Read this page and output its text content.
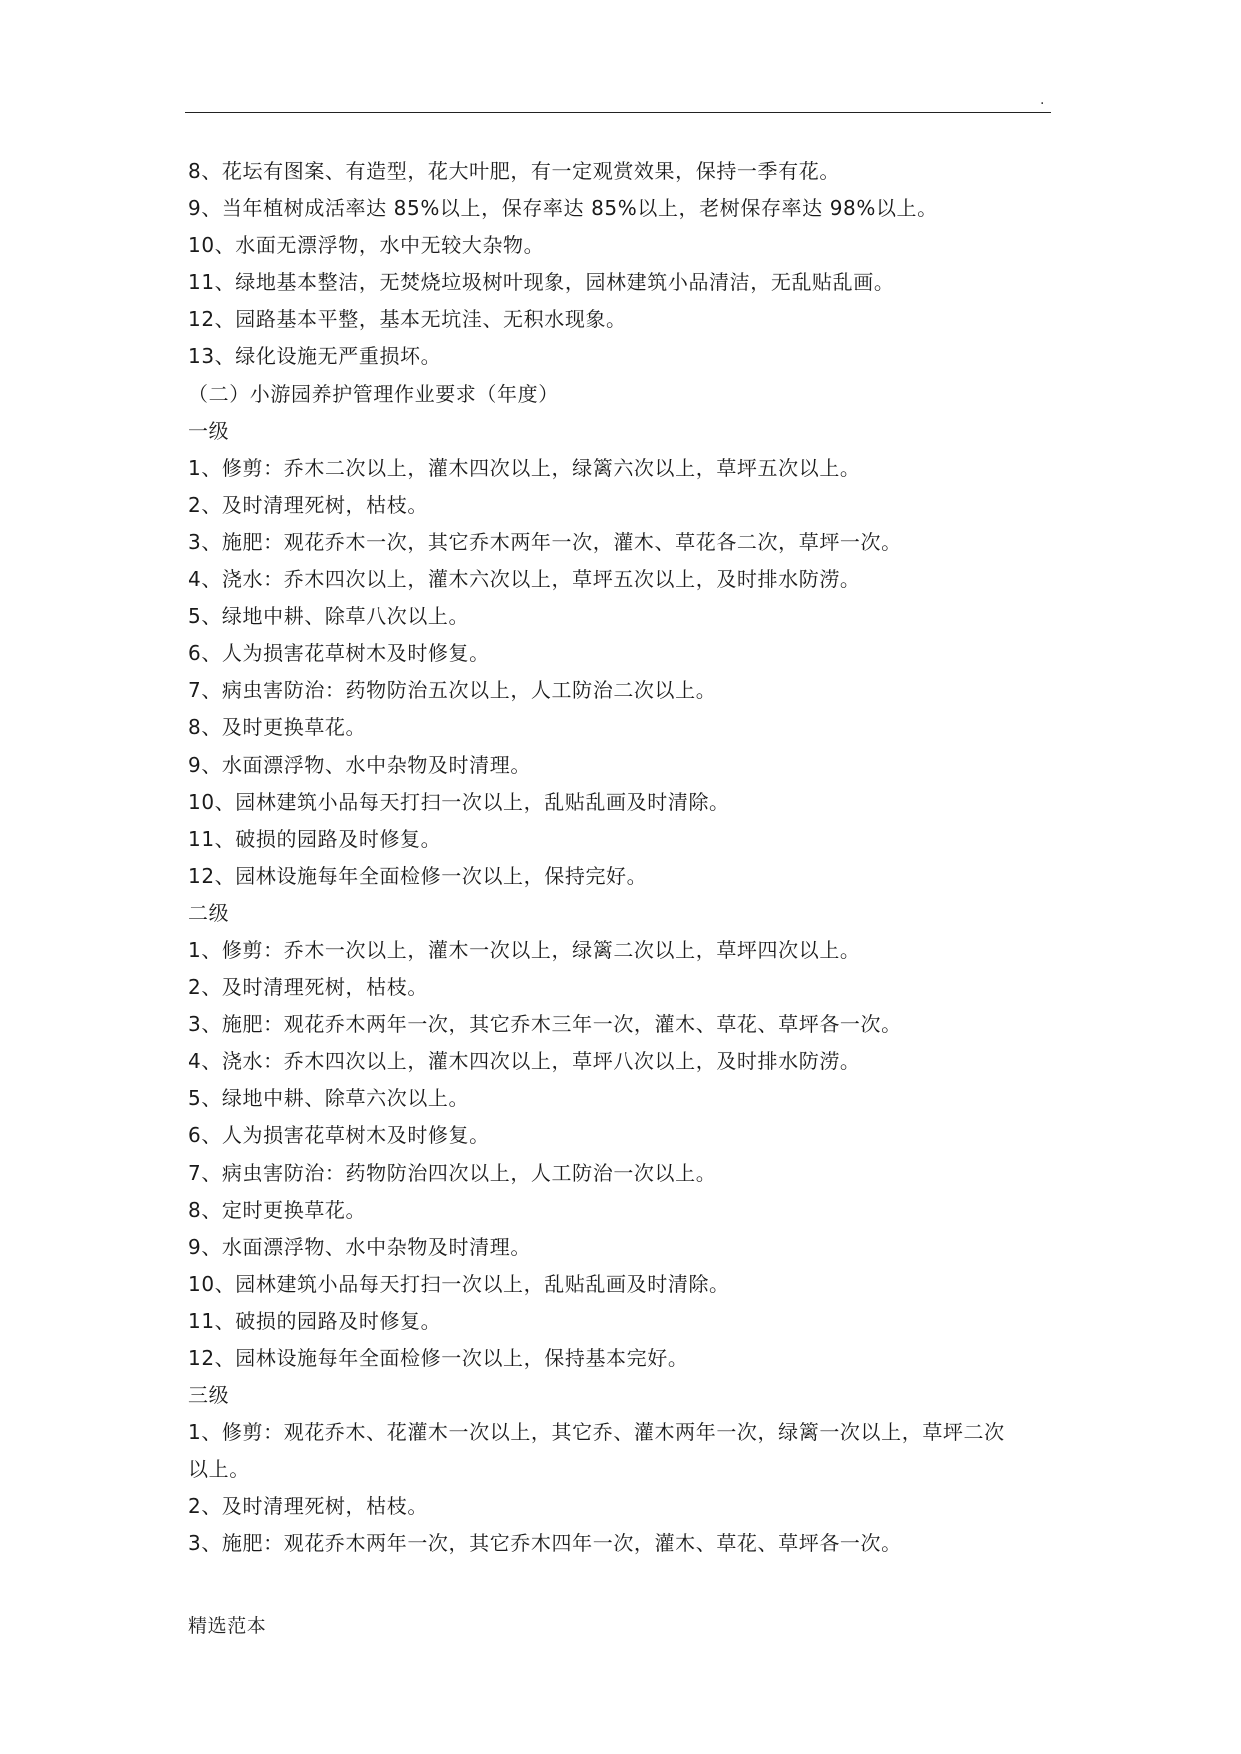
.
8、花坛有图案、有造型，花大叶肥，有一定观赏效果，保持一季有花。
9、当年植树成活率达 85%以上，保存率达 85%以上，老树保存率达 98%以上。
10、水面无漂浮物，水中无较大杂物。
11、绿地基本整洁，无焚烧垃圾树叶现象，园林建筑小品清洁，无乱贴乱画。
12、园路基本平整，基本无坑洼、无积水现象。
13、绿化设施无严重损坏。
（二）小游园养护管理作业要求（年度）
一级
1、修剪：乔木二次以上，灌木四次以上，绿篱六次以上，草坪五次以上。
2、及时清理死树，枯枝。
3、施肥：观花乔木一次，其它乔木两年一次，灌木、草花各二次，草坪一次。
4、浇水：乔木四次以上，灌木六次以上，草坪五次以上，及时排水防涝。
5、绿地中耕、除草八次以上。
6、人为损害花草树木及时修复。
7、病虫害防治：药物防治五次以上，人工防治二次以上。
8、及时更换草花。
9、水面漂浮物、水中杂物及时清理。
10、园林建筑小品每天打扫一次以上，乱贴乱画及时清除。
11、破损的园路及时修复。
12、园林设施每年全面检修一次以上，保持完好。
二级
1、修剪：乔木一次以上，灌木一次以上，绿篱二次以上，草坪四次以上。
2、及时清理死树，枯枝。
3、施肥：观花乔木两年一次，其它乔木三年一次，灌木、草花、草坪各一次。
4、浇水：乔木四次以上，灌木四次以上，草坪八次以上，及时排水防涝。
5、绿地中耕、除草六次以上。
6、人为损害花草树木及时修复。
7、病虫害防治：药物防治四次以上，人工防治一次以上。
8、定时更换草花。
9、水面漂浮物、水中杂物及时清理。
10、园林建筑小品每天打扫一次以上，乱贴乱画及时清除。
11、破损的园路及时修复。
12、园林设施每年全面检修一次以上，保持基本完好。
三级
1、修剪：观花乔木、花灌木一次以上，其它乔、灌木两年一次，绿篱一次以上，草坪二次
以上。
2、及时清理死树，枯枝。
3、施肥：观花乔木两年一次，其它乔木四年一次，灌木、草花、草坪各一次。
精选范本
